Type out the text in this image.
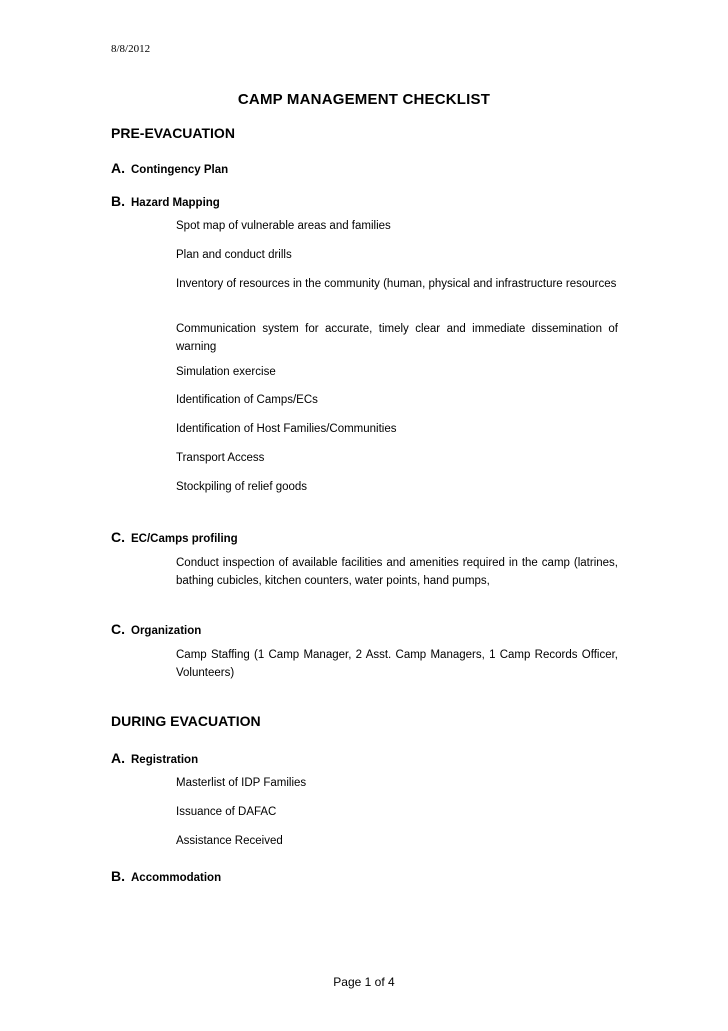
8/8/2012
CAMP MANAGEMENT CHECKLIST
PRE-EVACUATION
A. Contingency Plan
B. Hazard Mapping
Spot map of vulnerable areas and families
Plan and conduct drills
Inventory of resources in the community (human, physical and infrastructure resources
Communication system for accurate, timely clear and immediate dissemination of warning
Simulation exercise
Identification of Camps/ECs
Identification of Host Families/Communities
Transport Access
Stockpiling of relief goods
C. EC/Camps profiling
Conduct inspection of available facilities and amenities required in the camp (latrines, bathing cubicles, kitchen counters, water points, hand pumps,
C. Organization
Camp Staffing (1 Camp Manager, 2 Asst. Camp Managers, 1 Camp Records Officer, Volunteers)
DURING EVACUATION
A. Registration
Masterlist of IDP Families
Issuance of DAFAC
Assistance Received
B. Accommodation
Page 1 of 4
